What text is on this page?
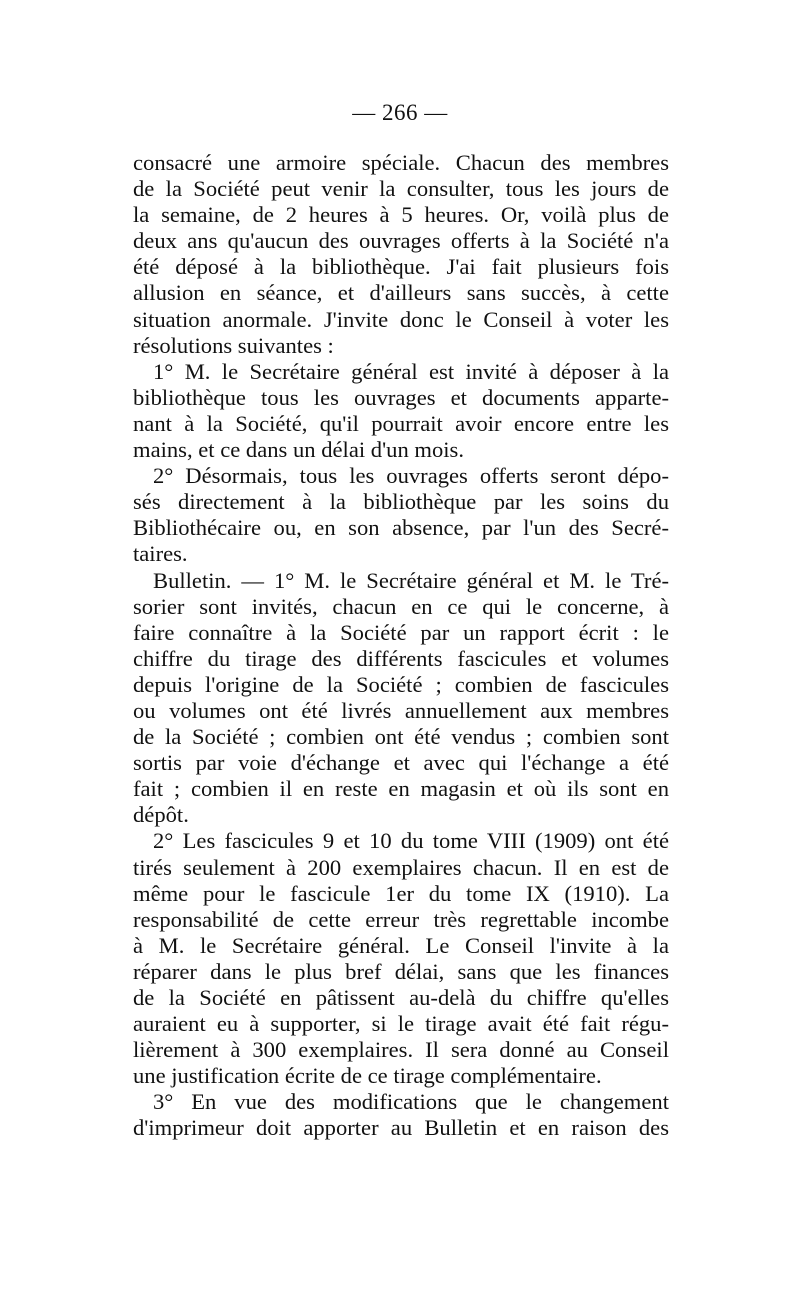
— 266 —
consacré une armoire spéciale. Chacun des membres
de la Société peut venir la consulter, tous les jours de
la semaine, de 2 heures à 5 heures. Or, voilà plus de
deux ans qu'aucun des ouvrages offerts à la Société n'a
été déposé à la bibliothèque. J'ai fait plusieurs fois
allusion en séance, et d'ailleurs sans succès, à cette
situation anormale. J'invite donc le Conseil à voter les
résolutions suivantes :
1° M. le Secrétaire général est invité à déposer à la
bibliothèque tous les ouvrages et documents apparte-
nant à la Société, qu'il pourrait avoir encore entre les
mains, et ce dans un délai d'un mois.
2° Désormais, tous les ouvrages offerts seront dépo-
sés directement à la bibliothèque par les soins du
Bibliothécaire ou, en son absence, par l'un des Secré-
taires.
Bulletin. — 1° M. le Secrétaire général et M. le Tré-
sorier sont invités, chacun en ce qui le concerne, à
faire connaître à la Société par un rapport écrit : le
chiffre du tirage des différents fascicules et volumes
depuis l'origine de la Société ; combien de fascicules
ou volumes ont été livrés annuellement aux membres
de la Société ; combien ont été vendus ; combien sont
sortis par voie d'échange et avec qui l'échange a été
fait ; combien il en reste en magasin et où ils sont en
dépôt.
2° Les fascicules 9 et 10 du tome VIII (1909) ont été
tirés seulement à 200 exemplaires chacun. Il en est de
même pour le fascicule 1er du tome IX (1910). La
responsabilité de cette erreur très regrettable incombe
à M. le Secrétaire général. Le Conseil l'invite à la
réparer dans le plus bref délai, sans que les finances
de la Société en pâtissent au-delà du chiffre qu'elles
auraient eu à supporter, si le tirage avait été fait régu-
lièrement à 300 exemplaires. Il sera donné au Conseil
une justification écrite de ce tirage complémentaire.
3° En vue des modifications que le changement
d'imprimeur doit apporter au Bulletin et en raison des
